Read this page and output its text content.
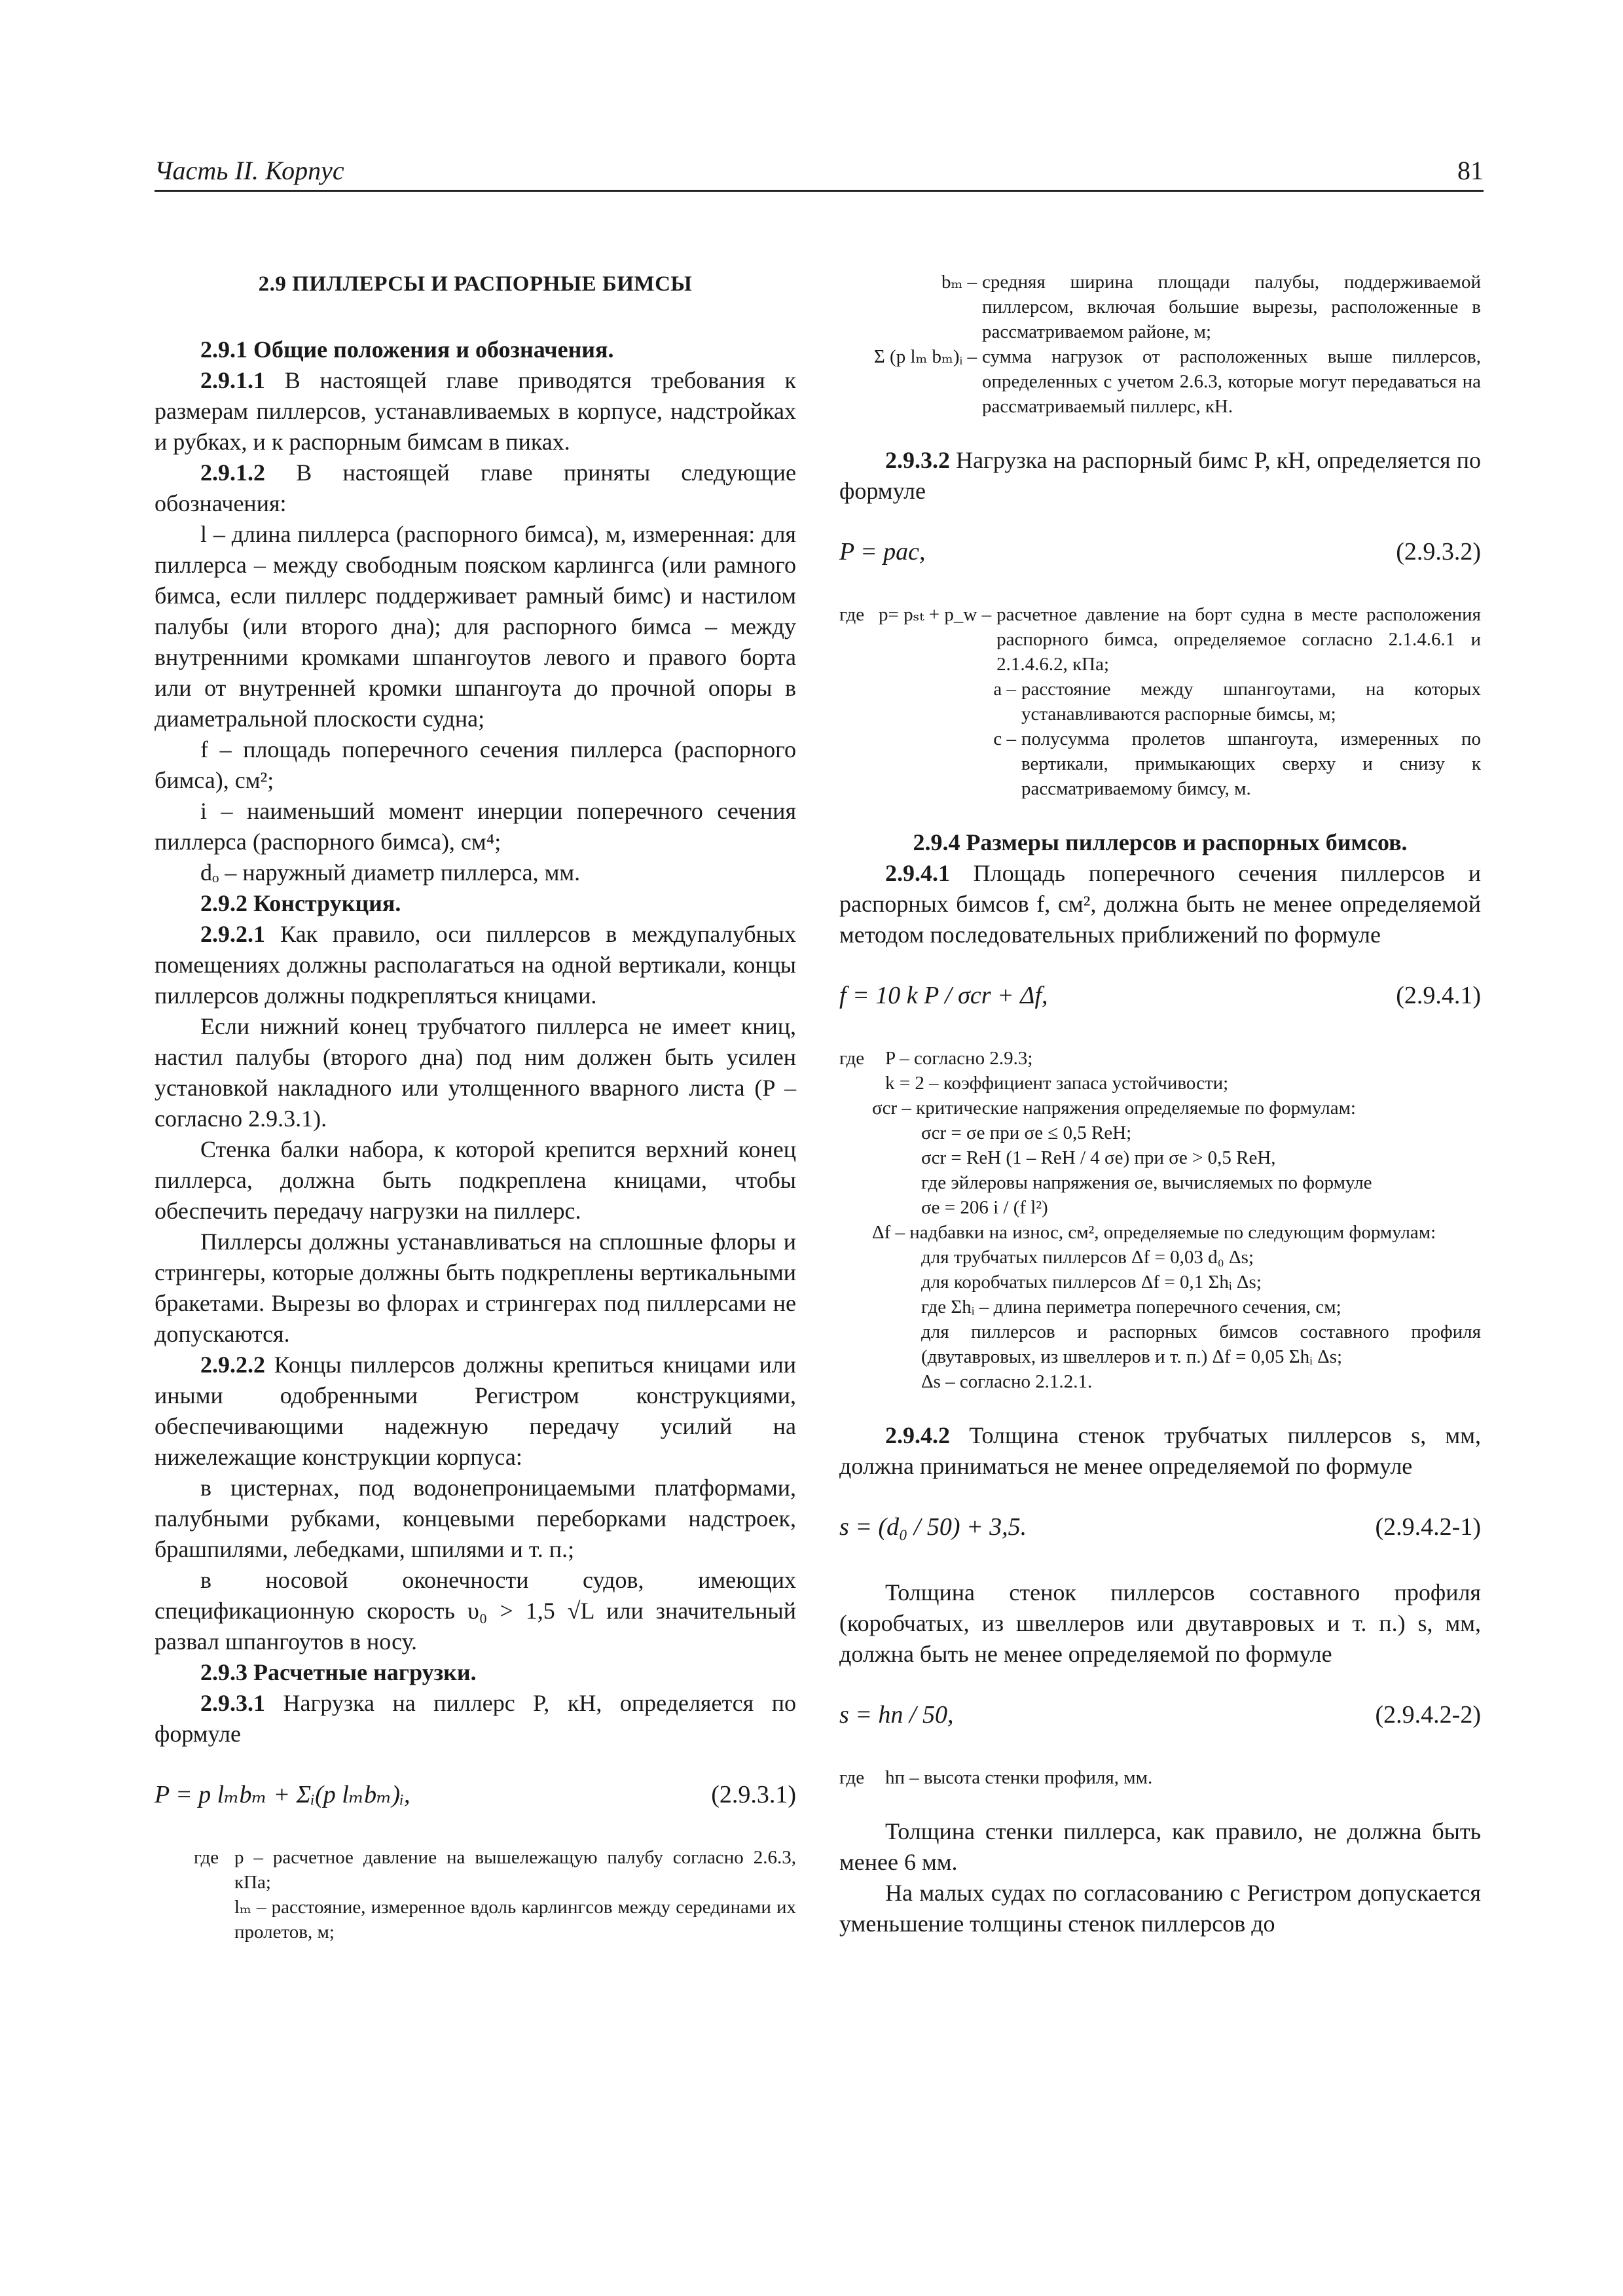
Часть II. Корпус	81

2.9 ПИЛЛЕРСЫ И РАСПОРНЫЕ БИМСЫ

2.9.1 Общие положения и обозначения.

2.9.1.1 В настоящей главе приводятся требования к размерам пиллерсов, устанавливаемых в корпусе, надстройках и рубках, и к распорным бимсам в пиках.

2.9.1.2 В настоящей главе приняты следующие обозначения:

l – длина пиллерса (распорного бимса), м, измеренная: для пиллерса – между свободным пояском карлингса (или рамного бимса, если пиллерс поддерживает рамный бимс) и настилом палубы (или второго дна); для распорного бимса – между внутренними кромками шпангоутов левого и правого борта или от внутренней кромки шпангоута до прочной опоры в диаметральной плоскости судна;

f – площадь поперечного сечения пиллерса (распорного бимса), см²;

i – наименьший момент инерции поперечного сечения пиллерса (распорного бимса), см⁴;

dₒ – наружный диаметр пиллерса, мм.

2.9.2 Конструкция.

2.9.2.1 Как правило, оси пиллерсов в междупалубных помещениях должны располагаться на одной вертикали, концы пиллерсов должны подкрепляться кницами.

Если нижний конец трубчатого пиллерса не имеет книц, настил палубы (второго дна) под ним должен быть усилен установкой накладного или утолщенного вварного листа (P – согласно 2.9.3.1).

Стенка балки набора, к которой крепится верхний конец пиллерса, должна быть подкреплена кницами, чтобы обеспечить передачу нагрузки на пиллерс.

Пиллерсы должны устанавливаться на сплошные флоры и стрингеры, которые должны быть подкреплены вертикальными бракетами. Вырезы во флорах и стрингерах под пиллерсами не допускаются.

2.9.2.2 Концы пиллерсов должны крепиться кницами или иными одобренными Регистром конструкциями, обеспечивающими надежную передачу усилий на нижележащие конструкции корпуса:

в цистернах, под водонепроницаемыми платформами, палубными рубками, концевыми переборками надстроек, брашпилями, лебедками, шпилями и т. п.;

в носовой оконечности судов, имеющих спецификационную скорость υ₀ > 1,5 √L или значительный развал шпангоутов в носу.

2.9.3 Расчетные нагрузки.

2.9.3.1 Нагрузка на пиллерс P, кН, определяется по формуле

P = p lₘbₘ + Σᵢ(p lₘbₘ)ᵢ,	(2.9.3.1)
где p – расчетное давление на вышележащую палубу согласно 2.6.3, кПа;
lₘ – расстояние, измеренное вдоль карлингсов между серединами их пролетов, м;
bₘ – средняя ширина площади палубы, поддерживаемой пиллерсом, включая большие вырезы, расположенные в рассматриваемом районе, м;
Σ (p lₘ bₘ)ᵢ – сумма нагрузок от расположенных выше пиллерсов, определенных с учетом 2.6.3, которые могут передаваться на рассматриваемый пиллерс, кН.

2.9.3.2 Нагрузка на распорный бимс P, кН, определяется по формуле

P = pac,	(2.9.3.2)
где p= pₛₜ + p_w – расчетное давление на борт судна в месте расположения распорного бимса, определяемое согласно 2.1.4.6.1 и 2.1.4.6.2, кПа;
a – расстояние между шпангоутами, на которых устанавливаются распорные бимсы, м;
c – полусумма пролетов шпангоута, измеренных по вертикали, примыкающих сверху и снизу к рассматриваемому бимсу, м.

2.9.4 Размеры пиллерсов и распорных бимсов.

2.9.4.1 Площадь поперечного сечения пиллерсов и распорных бимсов f, см², должна быть не менее определяемой методом последовательных приближений по формуле

f = 10 k P / σcr + Δf,	(2.9.4.1)
где P – согласно 2.9.3;
k = 2 – коэффициент запаса устойчивости;
σcr – критические напряжения определяемые по формулам:
σcr = σe при σe ≤ 0,5 ReH;
σcr = ReH (1 – ReH / 4 σe) при σe > 0,5 ReH,
где эйлеровы напряжения σe, вычисляемых по формуле
σe = 206 i / (f l²)
Δf – надбавки на износ, см², определяемые по следующим формулам:
для трубчатых пиллерсов Δf = 0,03 d₀ Δs;
для коробчатых пиллерсов Δf = 0,1 Σhᵢ Δs;
где Σhᵢ – длина периметра поперечного сечения, см;
для пиллерсов и распорных бимсов составного профиля (двутавровых, из швеллеров и т. п.) Δf = 0,05 Σhᵢ Δs;
Δs – согласно 2.1.2.1.

2.9.4.2 Толщина стенок трубчатых пиллерсов s, мм, должна приниматься не менее определяемой по формуле

s = (d₀ / 50) + 3,5.	(2.9.4.2-1)

Толщина стенок пиллерсов составного профиля (коробчатых, из швеллеров или двутавровых и т. п.) s, мм, должна быть не менее определяемой по формуле

s = hп / 50,	(2.9.4.2-2)
где hп – высота стенки профиля, мм.

Толщина стенки пиллерса, как правило, не должна быть менее 6 мм.

На малых судах по согласованию с Регистром допускается уменьшение толщины стенок пиллерсов до
